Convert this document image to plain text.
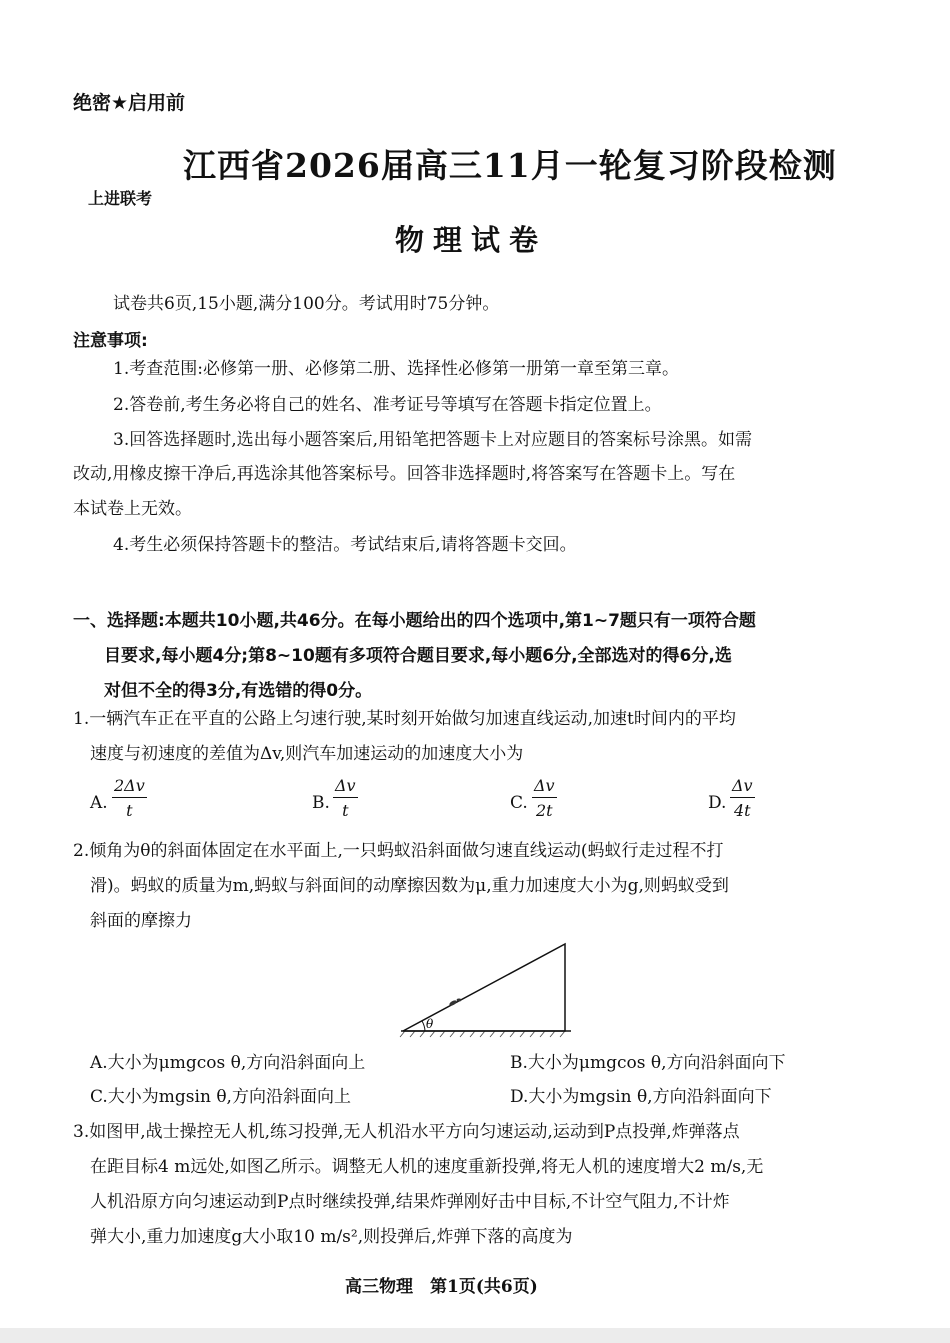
绝密★启用前
江西省2026届高三11月一轮复习阶段检测
上进联考
物理试卷
试卷共6页,15小题,满分100分。考试用时75分钟。
注意事项:
1.考查范围:必修第一册、必修第二册、选择性必修第一册第一章至第三章。
2.答卷前,考生务必将自己的姓名、准考证号等填写在答题卡指定位置上。
3.回答选择题时,选出每小题答案后,用铅笔把答题卡上对应题目的答案标号涂黑。如需
改动,用橡皮擦干净后,再选涂其他答案标号。回答非选择题时,将答案写在答题卡上。写在
本试卷上无效。
4.考生必须保持答题卡的整洁。考试结束后,请将答题卡交回。
一、选择题:本题共10小题,共46分。在每小题给出的四个选项中,第1~7题只有一项符合题
目要求,每小题4分;第8~10题有多项符合题目要求,每小题6分,全部选对的得6分,选
对但不全的得3分,有选错的得0分。
1.一辆汽车正在平直的公路上匀速行驶,某时刻开始做匀加速直线运动,加速t时间内的平均
速度与初速度的差值为Δv,则汽车加速运动的加速度大小为
A. $\frac{2\Delta v}{t}$	B. $\frac{\Delta v}{t}$	C. $\frac{\Delta v}{2t}$	D. $\frac{\Delta v}{4t}$
2.倾角为θ的斜面体固定在水平面上,一只蚂蚁沿斜面做匀速直线运动(蚂蚁行走过程不打
滑)。蚂蚁的质量为m,蚂蚁与斜面间的动摩擦因数为μ,重力加速度大小为g,则蚂蚁受到
斜面的摩擦力
θ
A.大小为μmgcos θ,方向沿斜面向上	B.大小为μmgcos θ,方向沿斜面向下
C.大小为mgsin θ,方向沿斜面向上	D.大小为mgsin θ,方向沿斜面向下
3.如图甲,战士操控无人机,练习投弹,无人机沿水平方向匀速运动,运动到P点投弹,炸弹落点
在距目标4 m远处,如图乙所示。调整无人机的速度重新投弹,将无人机的速度增大2 m/s,无
人机沿原方向匀速运动到P点时继续投弹,结果炸弹刚好击中目标,不计空气阻力,不计炸
弹大小,重力加速度g大小取10 m/s²,则投弹后,炸弹下落的高度为
高三物理　第1页(共6页)
